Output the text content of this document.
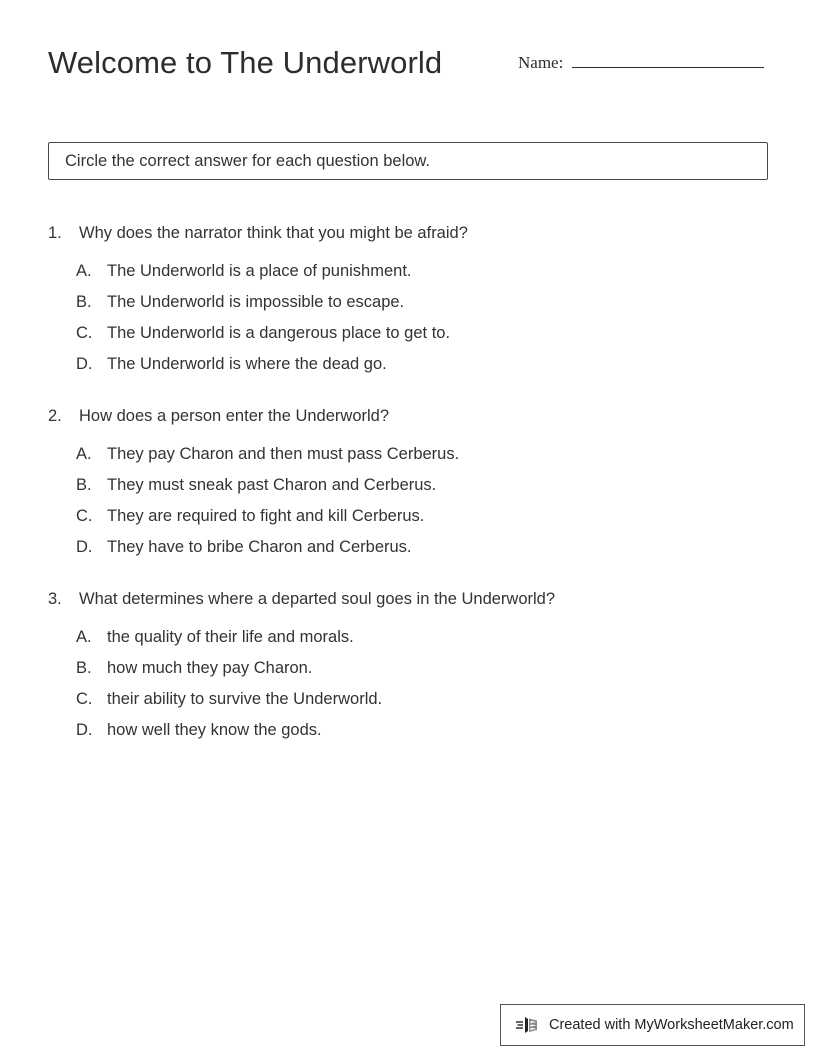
Welcome to The Underworld	Name:
Circle the correct answer for each question below.
1.	Why does the narrator think that you might be afraid?
A. The Underworld is a place of punishment.
B. The Underworld is impossible to escape.
C. The Underworld is a dangerous place to get to.
D. The Underworld is where the dead go.
2.	How does a person enter the Underworld?
A. They pay Charon and then must pass Cerberus.
B. They must sneak past Charon and Cerberus.
C. They are required to fight and kill Cerberus.
D. They have to bribe Charon and Cerberus.
3.	What determines where a departed soul goes in the Underworld?
A. the quality of their life and morals.
B. how much they pay Charon.
C. their ability to survive the Underworld.
D. how well they know the gods.
Created with MyWorksheetMaker.com
